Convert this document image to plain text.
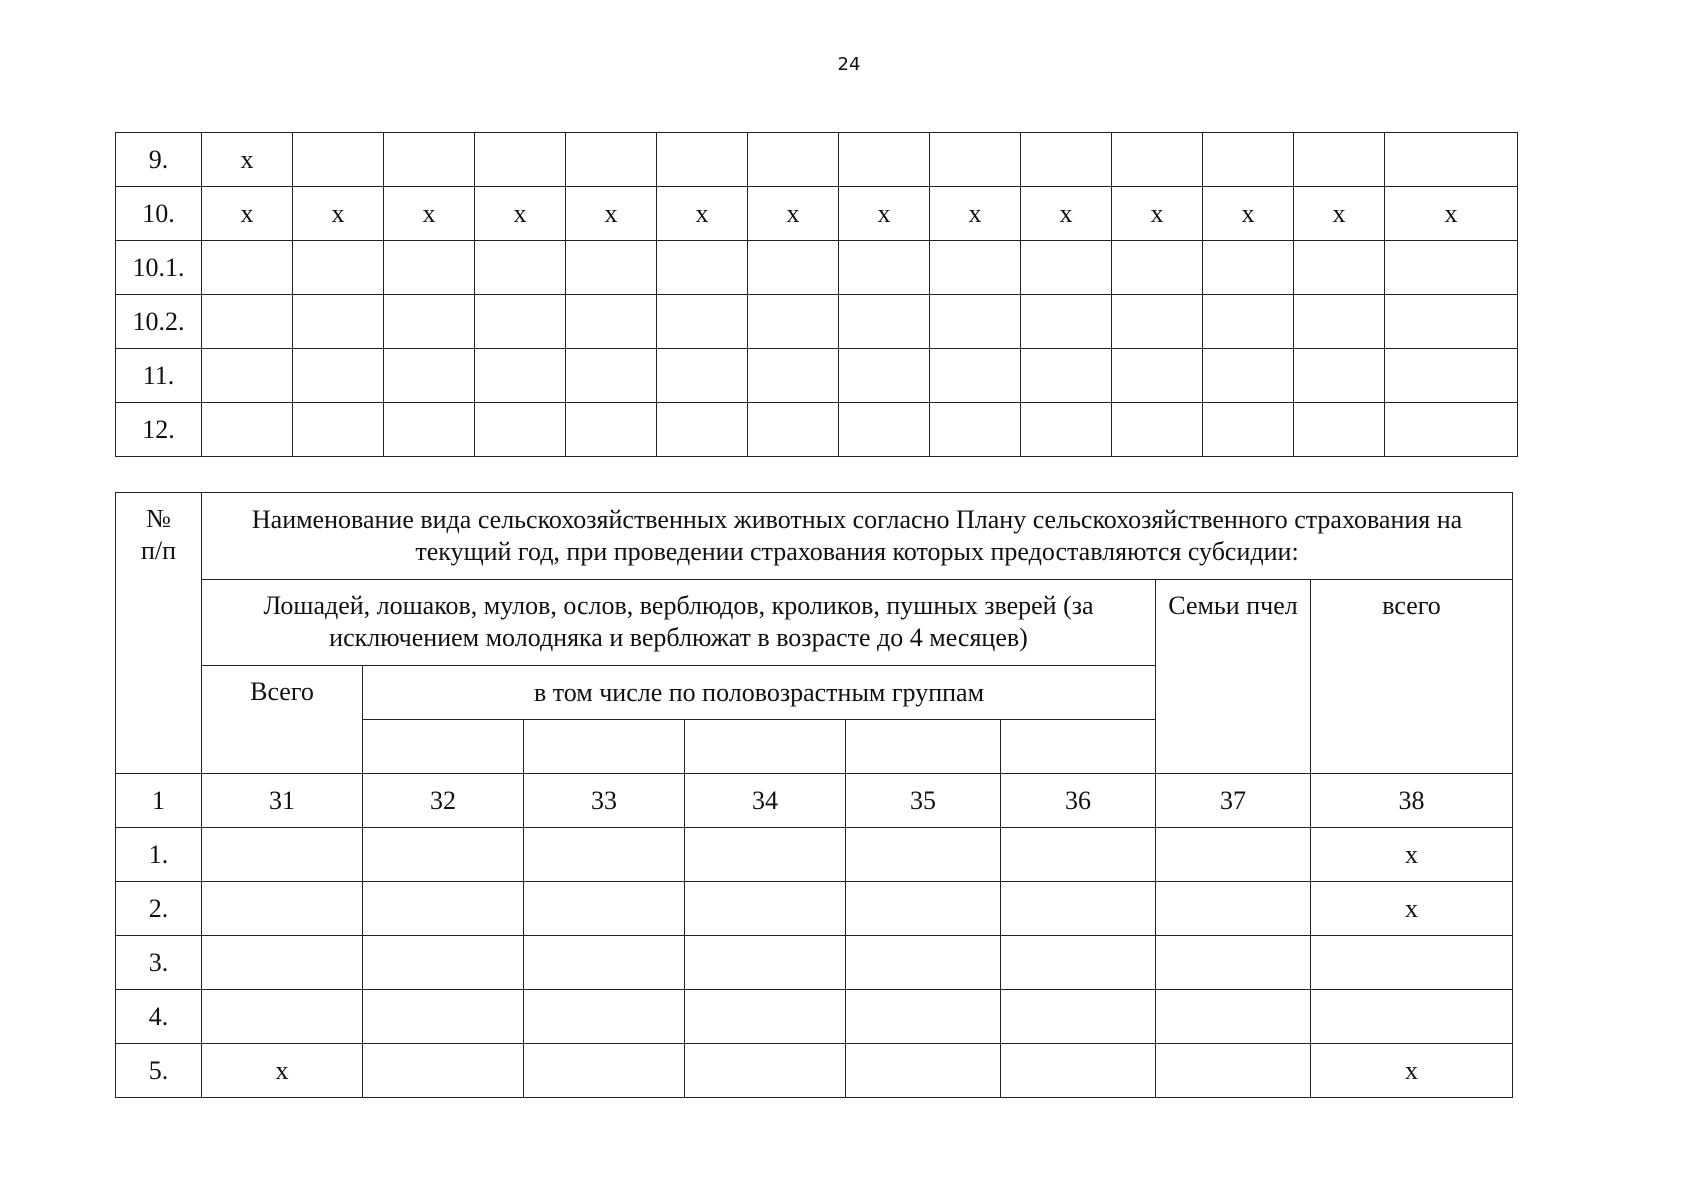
24
9.	x													
10.	x	x	x	x	x	x	x	x	x	x	x	x	x	x
10.1.														
10.2.														
11.														
12.														
№
п/п	Наименование вида сельскохозяйственных животных согласно Плану сельскохозяйственного страхования на текущий год, при проведении страхования которых предоставляются субсидии:							
	Лошадей, лошаков, мулов, ослов, верблюдов, кроликов, пушных зверей (за исключением молодняка и верблюжат в возрасте до 4 месяцев)						Семьи пчел	всего
	Всего	в том числе по половозрастным группам						

1	31	32	33	34	35	36	37	38
1.								x
2.								x
3.								
4.								
5.	x							x
